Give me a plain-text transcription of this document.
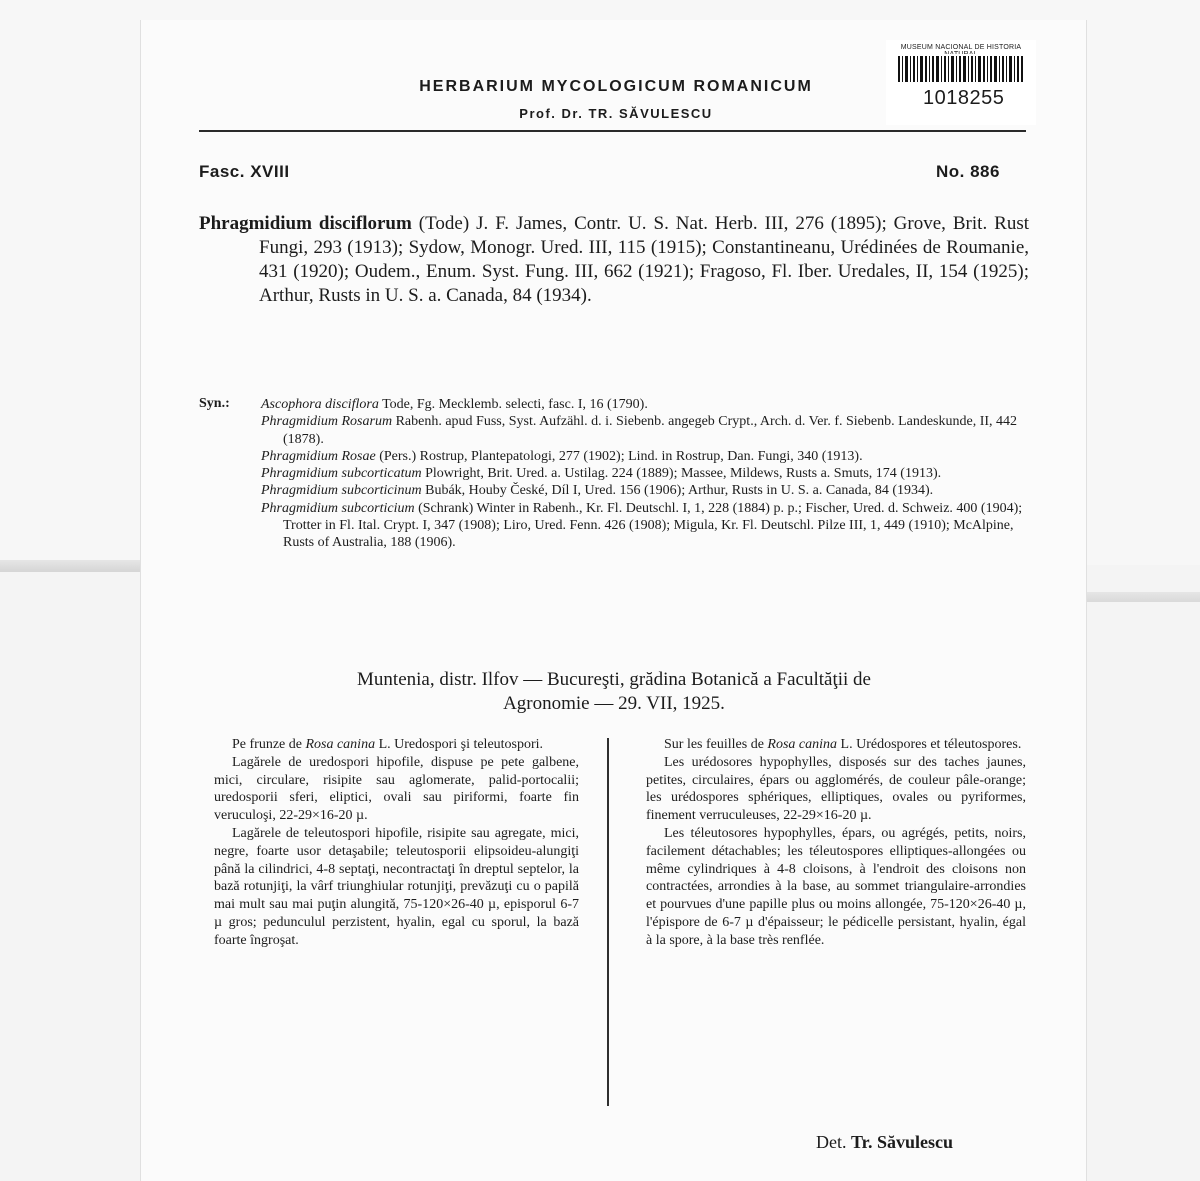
MUSEUM NACIONAL DE HISTORIA
1018255
HERBARIUM MYCOLOGICUM ROMANICUM
Prof. Dr. TR. SĂVULESCU
Fasc. XVIII	No. 886

Phragmidium disciflorum (Tode) J. F. James, Contr. U. S. Nat. Herb. III, 276 (1895); Grove, Brit. Rust Fungi, 293 (1913); Sydow, Monogr. Ured. III, 115 (1915); Constantineanu, Urédinées de Roumanie, 431 (1920); Oudem., Enum. Syst. Fung. III, 662 (1921); Fragoso, Fl. Iber. Uredales, II, 154 (1925); Arthur, Rusts in U. S. a. Canada, 84 (1934).

Syn.: Ascophora disciflora Tode, Fg. Mecklemb. selecti, fasc. I, 16 (1790).

Phragmidium Rosarum Rabenh. apud Fuss, Syst. Aufzähl. d. i. Siebenb. angegeb Crypt., Arch. d. Ver. f. Siebenb. Landeskunde, II, 442 (1878).

Phragmidium Rosae (Pers.) Rostrup, Plantepatologi, 277 (1902); Lind. in Rostrup, Dan. Fungi, 340 (1913).

Phragmidium subcorticatum Plowright, Brit. Ured. a. Ustilag. 224 (1889); Massee, Mildews, Rusts a. Smuts, 174 (1913).

Phragmidium subcorticinum Bubák, Houby České, Díl I, Ured. 156 (1906); Arthur, Rusts in U. S. a. Canada, 84 (1934).

Phragmidium subcorticium (Schrank) Winter in Rabenh., Kr. Fl. Deutschl. I, 1, 228 (1884) p. p.; Fischer, Ured. d. Schweiz. 400 (1904); Trotter in Fl. Ital. Crypt. I, 347 (1908); Liro, Ured. Fenn. 426 (1908); Migula, Kr. Fl. Deutschl. Pilze III, 1, 449 (1910); McAlpine, Rusts of Australia, 188 (1906).

Muntenia, distr. Ilfov — Bucureşti, grădina Botanică a Facultăţii de
Agronomie — 29. VII, 1925.

Pe frunze de Rosa canina L. Uredospori şi teleutospori.

Lagărele de uredospori hipofile, dispuse pe pete galbene, mici, circulare, risipite sau aglomerate, palid-portocalii; uredosporii sferi, eliptici, ovali sau piriformi, foarte fin veruculoşi, 22-29×16-20 µ.

Lagărele de teleutospori hipofile, risipite sau agregate, mici, negre, foarte usor detaşabile; teleutosporii elipsoideu-alungiţi până la cilindrici, 4-8 septaţi, necontractaţi în dreptul septelor, la bază rotunjiţi, la vârf triunghiular rotunjiţi, prevăzuţi cu o papilă mai mult sau mai puţin alungită, 75-120×26-40 µ, episporul 6-7 µ gros; pedunculul perzistent, hyalin, egal cu sporul, la bază foarte îngroşat.

Sur les feuilles de Rosa canina L. Urédospores et téleutospores.

Les urédosores hypophylles, disposés sur des taches jaunes, petites, circulaires, épars ou agglomérés, de couleur pâle-orange; les urédospores sphériques, elliptiques, ovales ou pyriformes, finement verruculeuses, 22-29×16-20 µ.

Les téleutosores hypophylles, épars, ou agrégés, petits, noirs, facilement détachables; les téleutospores elliptiques-allongées ou même cylindriques à 4-8 cloisons, à l'endroit des cloisons non contractées, arrondies à la base, au sommet triangulaire-arrondies et pourvues d'une papille plus ou moins allongée, 75-120×26-40 µ, l'épispore de 6-7 µ d'épaisseur; le pédicelle persistant, hyalin, égal à la spore, à la base très renflée.

Det. Tr. Săvulescu
